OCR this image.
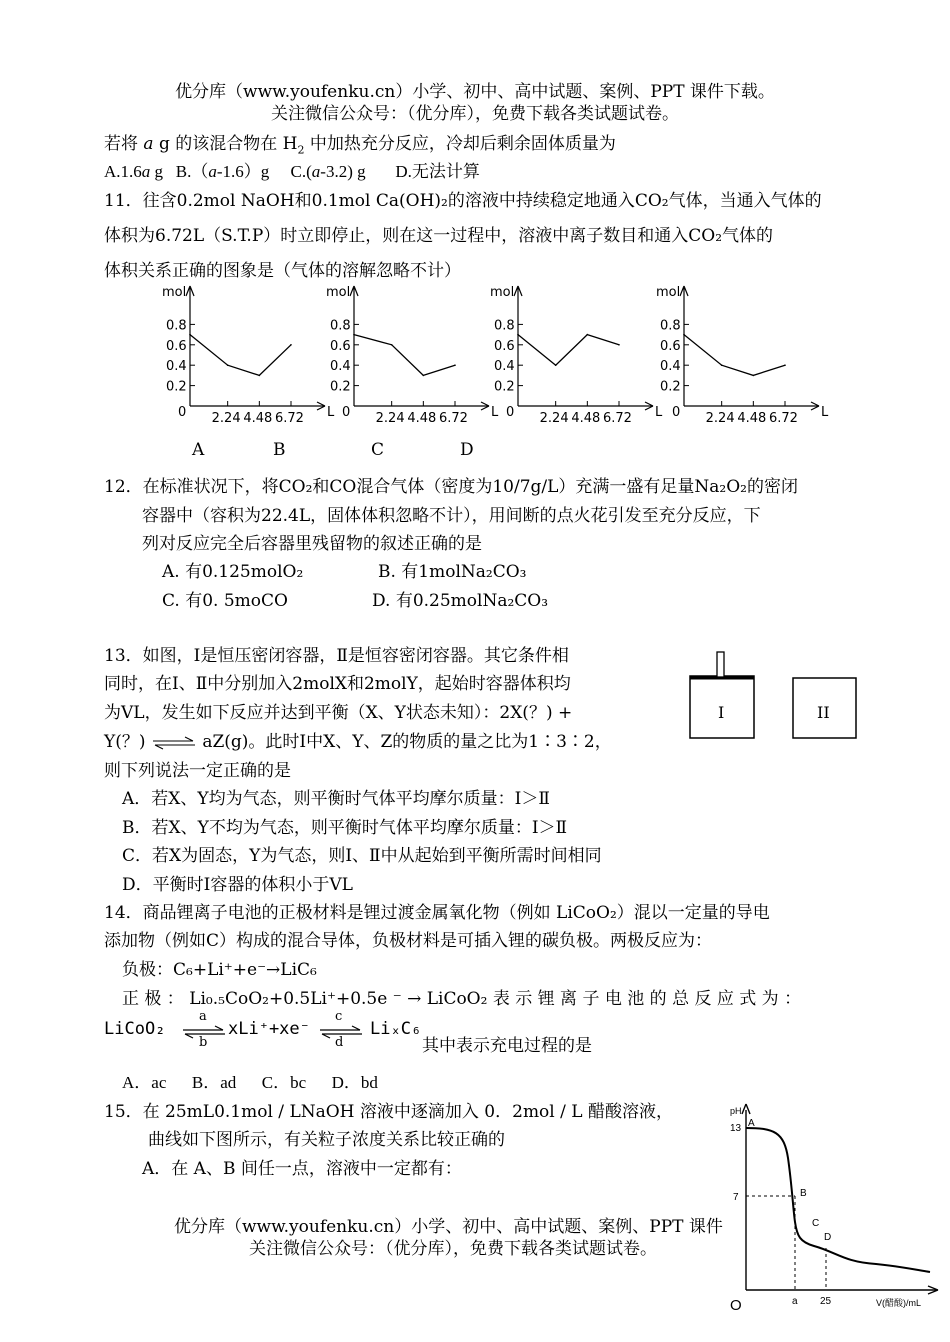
优分库（www.youfenku.cn）小学、初中、高中试题、案例、PPT 课件下载。
关注微信公众号：（优分库），免费下载各类试题试卷。
若将 a g 的该混合物在 $H_2$ 中加热充分反应，冷却后剩余固体质量为
A.1.6a g B.（a-1.6）g C.(a-3.2) g D.无法计算
11．往含0.2mol NaOH和0.1mol Ca(OH)₂的溶液中持续稳定地通入CO₂气体，当通入气体的
体积为6.72L（S.T.P）时立即停止，则在这一过程中，溶液中离子数目和通入CO₂气体的
体积关系正确的图象是（气体的溶解忽略不计）
mol
L
0
0.8
0.6
0.4
0.2
2.24 4.48 6.72
mol
L
0
0.8
0.6
0.4
0.2
2.24 4.48 6.72
mol
L
0
0.8
0.6
0.4
0.2
2.24 4.48 6.72
mol
L
0
0.8
0.6
0.4
0.2
2.24 4.48 6.72
A	B	C	D
12．在标准状况下，将CO₂和CO混合气体（密度为10/7g/L）充满一盛有足量Na₂O₂的密闭
容器中（容积为22.4L，固体体积忽略不计），用间断的点火花引发至充分反应，下
列对反应完全后容器里残留物的叙述正确的是
A. 有0.125molO₂	B. 有1molNa₂CO₃
C. 有0. 5moCO	D. 有0.25molNa₂CO₃
13．如图，Ⅰ是恒压密闭容器，Ⅱ是恒容密闭容器。其它条件相
同时，在Ⅰ、Ⅱ中分别加入2molX和2molY，起始时容器体积均
为VL，发生如下反应并达到平衡（X、Y状态未知）：2X(？) +
Y(？) ⇌ aZ(g)。此时Ⅰ中X、Y、Z的物质的量之比为1∶3∶2，
则下列说法一定正确的是
A．若X、Y均为气态，则平衡时气体平均摩尔质量：Ⅰ＞Ⅱ
B．若X、Y不均为气态，则平衡时气体平均摩尔质量：Ⅰ＞Ⅱ
C．若X为固态，Y为气态，则Ⅰ、Ⅱ中从起始到平衡所需时间相同
D．平衡时Ⅰ容器的体积小于VL
I	II
14．商品锂离子电池的正极材料是锂过渡金属氧化物（例如 LiCoO₂）混以一定量的导电
添加物（例如C）构成的混合导体，负极材料是可插入锂的碳负极。两极反应为：
负极：C₆+Li⁺+e⁻→LiC₆
正 极 ： Li₀.₅CoO₂+0.5Li⁺+0.5e ⁻ → LiCoO₂ 表 示 锂 离 子 电 池 的 总 反 应 式 为 ：
LiCoO₂
a
b
xLi⁺+xe⁻
c
d
LiₓC₆
其中表示充电过程的是
A．ac      B．ad      C．bc      D．bd
15．在 25mL0.1mol / LNaOH 溶液中逐滴加入 0．2mol / L 醋酸溶液，
曲线如下图所示，有关粒子浓度关系比较正确的
A．在 A、B 间任一点，溶液中一定都有：
pH
13
7
O	a 25	V(醋酸)/mL
A
B
C
D
优分库（www.youfenku.cn）小学、初中、高中试题、案例、PPT 课件
关注微信公众号：（优分库），免费下载各类试题试卷。
